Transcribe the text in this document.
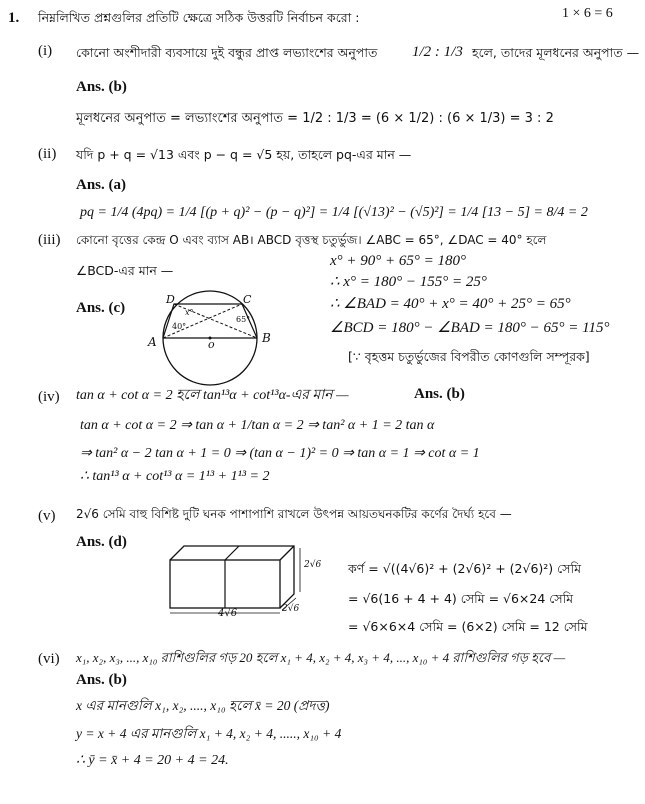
1. নিম্নলিখিত প্রশ্নগুলির প্রতিটি ক্ষেত্রে সঠিক উত্তরটি নির্বাচন করো :	1 × 6 = 6
(i) কোনো অংশীদারী ব্যবসায়ে দুই বন্ধুর প্রাপ্ত লভ্যাংশের অনুপাত 1/2 : 1/3 হলে, তাদের মূলধনের অনুপাত —
Ans. (b)
মূলধনের অনুপাত = লভ্যাংশের অনুপাত = 1/2 : 1/3 = (6 × 1/2) : (6 × 1/3) = 3 : 2
(ii) যদি p + q = √13 এবং p − q = √5 হয়, তাহলে pq-এর মান —
Ans. (a)
pq = 1/4 (4pq) = 1/4 [(p + q)² − (p − q)²] = 1/4 [(√13)² − (√5)²] = 1/4 [13 − 5] = 8/4 = 2
(iii) কোনো বৃত্তের কেন্দ্র O এবং ব্যাস AB। ABCD বৃত্তস্থ চতুর্ভুজ। ∠ABC = 65°, ∠DAC = 40° হলে
∠BCD-এর মান —
Ans. (c)
x° + 90° + 65° = 180°
∴ x° = 180° − 155° = 25°
∴ ∠BAD = 40° + x° = 40° + 25° = 65°
∠BCD = 180° − ∠BAD = 180° − 65° = 115°
[∵ বৃহত্তম চতুর্ভুজের বিপরীত কোণগুলি সম্পূরক]
D	C
A	B
o
40°
65°
x°
(iv) tan α + cot α = 2 হলে tan¹³α + cot¹³α-এর মান —	Ans. (b)
tan α + cot α = 2 ⇒ tan α + 1/tan α = 2 ⇒ tan² α + 1 = 2 tan α
⇒ tan² α − 2 tan α + 1 = 0 ⇒ (tan α − 1)² = 0 ⇒ tan α = 1 ⇒ cot α = 1
∴ tan¹³ α + cot¹³ α = 1¹³ + 1¹³ = 2
(v) 2√6 সেমি বাহু বিশিষ্ট দুটি ঘনক পাশাপাশি রাখলে উৎপন্ন আয়তঘনকটির কর্ণের দৈর্ঘ্য হবে —
Ans. (d)
2√6
2√6
4√6
কর্ণ = √((4√6)² + (2√6)² + (2√6)²) সেমি
= √6(16 + 4 + 4) সেমি = √6×24 সেমি
= √6×6×4 সেমি = (6×2) সেমি = 12 সেমি
(vi) x₁, x₂, x₃, ..., x₁₀ রাশিগুলির গড় 20 হলে x₁ + 4, x₂ + 4, x₃ + 4, ..., x₁₀ + 4 রাশিগুলির গড় হবে —
Ans. (b)
x এর মানগুলি x₁, x₂, ...., x₁₀ হলে x̄ = 20 (প্রদত্ত)
y = x + 4 এর মানগুলি x₁ + 4, x₂ + 4, ....., x₁₀ + 4
∴ ȳ = x̄ + 4 = 20 + 4 = 24.
